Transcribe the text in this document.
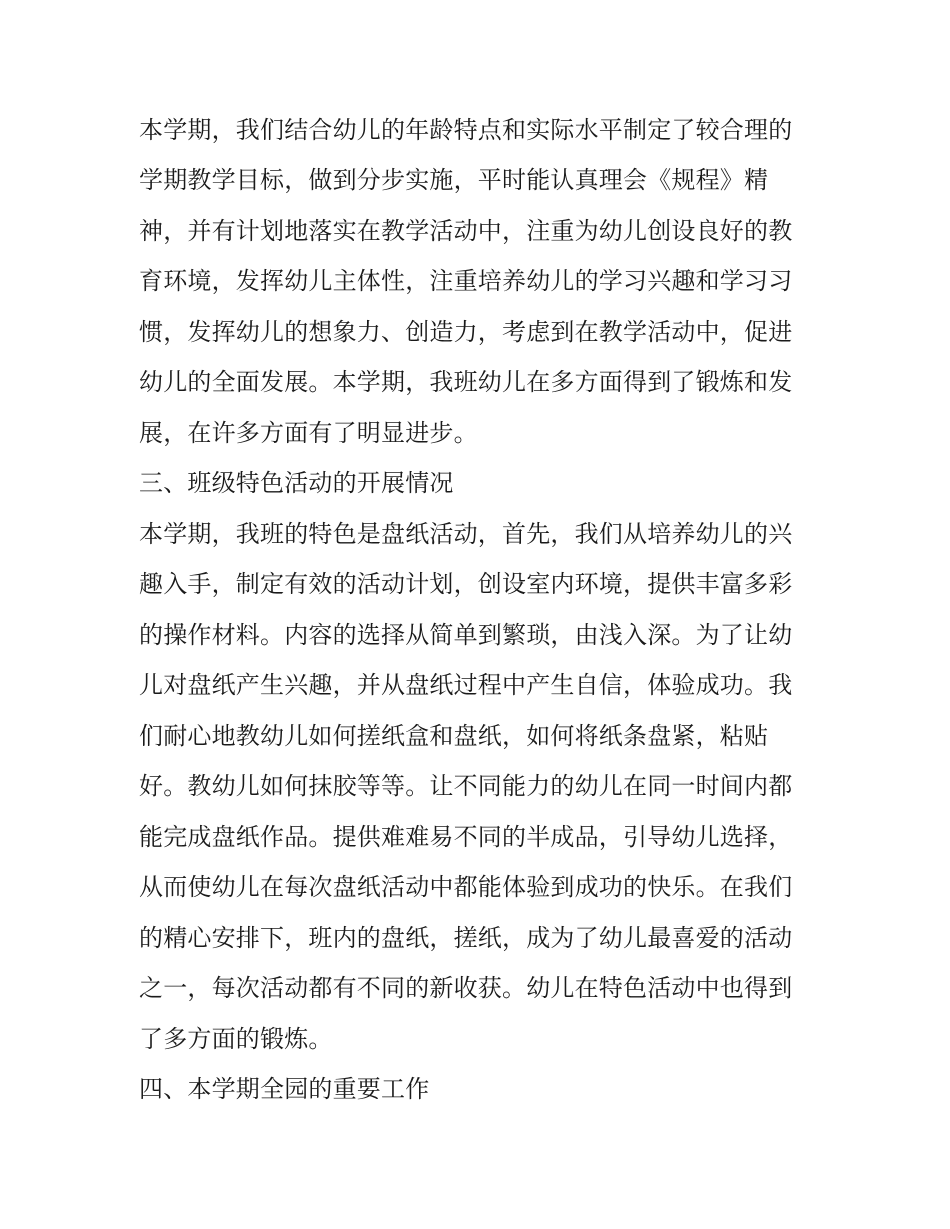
本学期，我们结合幼儿的年龄特点和实际水平制定了较合理的
学期教学目标，做到分步实施，平时能认真理会《规程》精
神，并有计划地落实在教学活动中，注重为幼儿创设良好的教
育环境，发挥幼儿主体性，注重培养幼儿的学习兴趣和学习习
惯，发挥幼儿的想象力、创造力，考虑到在教学活动中，促进
幼儿的全面发展。本学期，我班幼儿在多方面得到了锻炼和发
展，在许多方面有了明显进步。
三、班级特色活动的开展情况
本学期，我班的特色是盘纸活动，首先，我们从培养幼儿的兴
趣入手，制定有效的活动计划，创设室内环境，提供丰富多彩
的操作材料。内容的选择从简单到繁琐，由浅入深。为了让幼
儿对盘纸产生兴趣，并从盘纸过程中产生自信，体验成功。我
们耐心地教幼儿如何搓纸盒和盘纸，如何将纸条盘紧，粘贴
好。教幼儿如何抹胶等等。让不同能力的幼儿在同一时间内都
能完成盘纸作品。提供难难易不同的半成品，引导幼儿选择，
从而使幼儿在每次盘纸活动中都能体验到成功的快乐。在我们
的精心安排下，班内的盘纸，搓纸，成为了幼儿最喜爱的活动
之一，每次活动都有不同的新收获。幼儿在特色活动中也得到
了多方面的锻炼。
四、本学期全园的重要工作
